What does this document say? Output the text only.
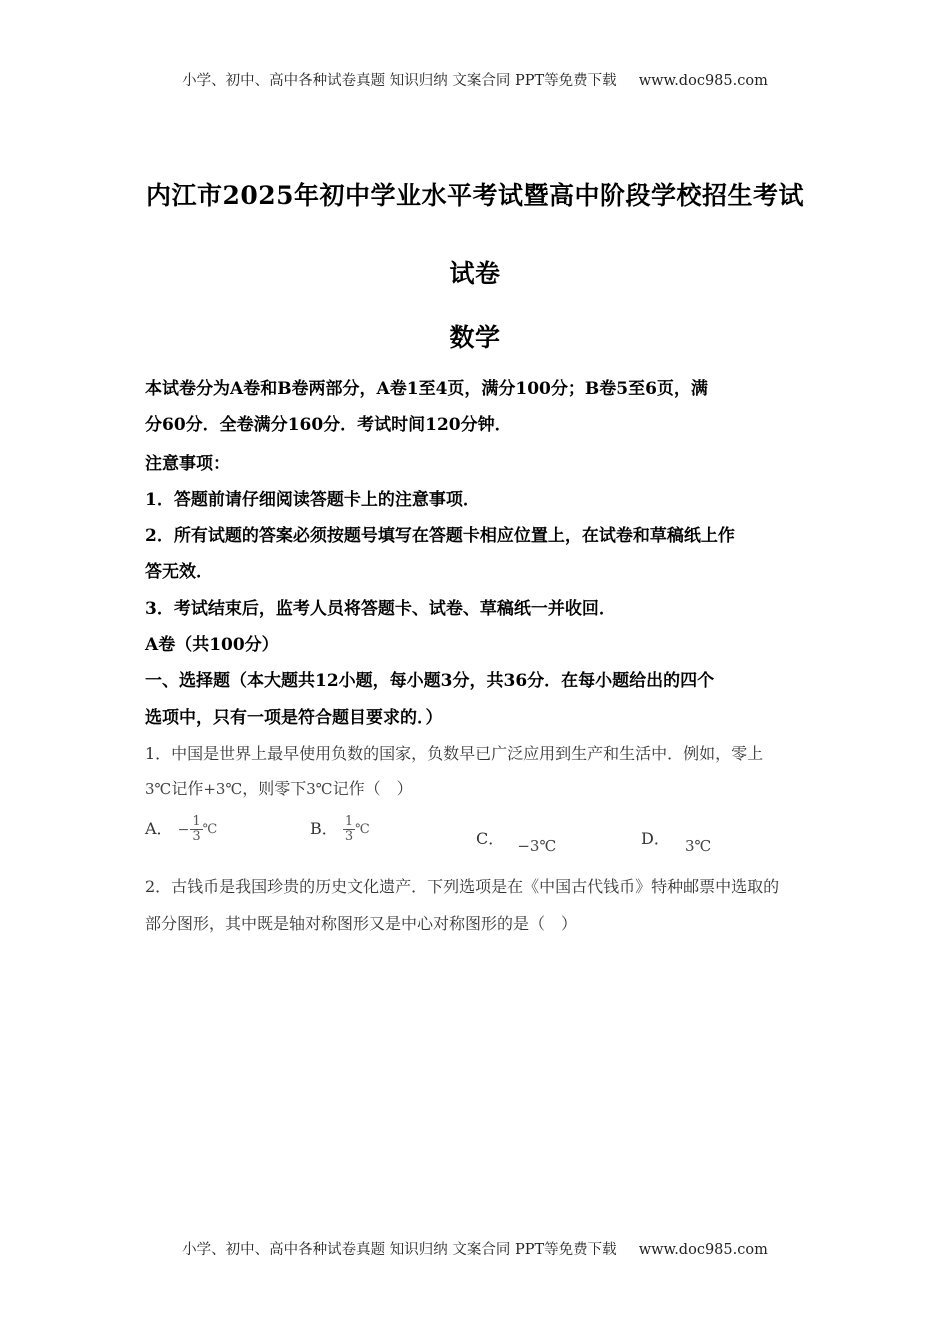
小学、初中、高中各种试卷真题 知识归纳 文案合同 PPT等免费下载 www.doc985.com
内江市2025年初中学业水平考试暨高中阶段学校招生考试
试卷
数学
本试卷分为A卷和B卷两部分，A卷1至4页，满分100分；B卷5至6页，满
分60分．全卷满分160分．考试时间120分钟．
注意事项：
1．答题前请仔细阅读答题卡上的注意事项．
2．所有试题的答案必须按题号填写在答题卡相应位置上，在试卷和草稿纸上作
答无效．
3．考试结束后，监考人员将答题卡、试卷、草稿纸一并收回．
A卷（共100分）
一、选择题（本大题共12小题，每小题3分，共36分．在每小题给出的四个
选项中，只有一项是符合题目要求的．）
1．中国是世界上最早使用负数的国家，负数早已广泛应用到生产和生活中．例如，零上
3℃记作+3℃，则零下3℃记作（　）
A． − $\frac{1}{3}$ ℃	B． $\frac{1}{3}$ ℃	C． −3℃	D． 3℃
2．古钱币是我国珍贵的历史文化遗产．下列选项是在《中国古代钱币》特种邮票中选取的
部分图形，其中既是轴对称图形又是中心对称图形的是（　）
小学、初中、高中各种试卷真题 知识归纳 文案合同 PPT等免费下载 www.doc985.com
